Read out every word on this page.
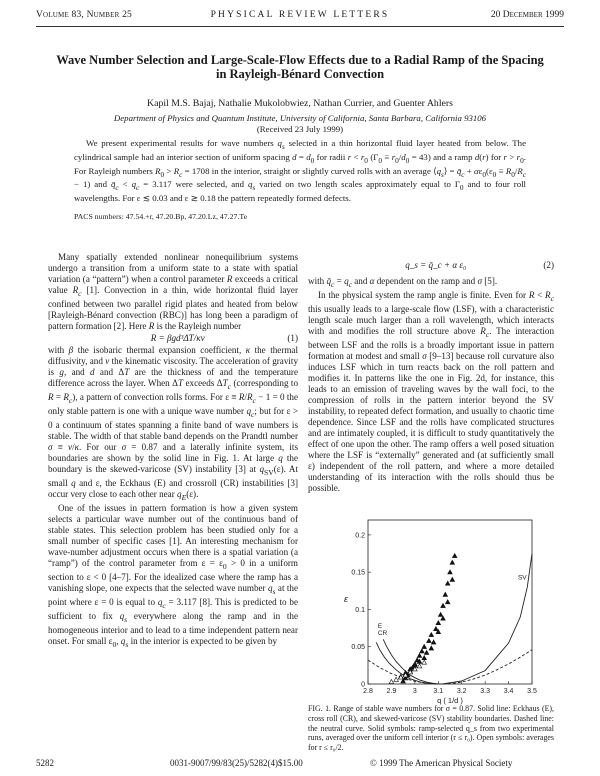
Volume 83, Number 25	PHYSICAL REVIEW LETTERS	20 December 1999
Wave Number Selection and Large-Scale-Flow Effects due to a Radial Ramp of the Spacing in Rayleigh-Bénard Convection
Kapil M.S. Bajaj, Nathalie Mukolobwiez, Nathan Currier, and Guenter Ahlers
Department of Physics and Quantum Institute, University of California, Santa Barbara, California 93106
(Received 23 July 1999)

We present experimental results for wave numbers $q_s$ selected in a thin horizontal fluid layer heated from below. The cylindrical sample had an interior section of uniform spacing $d = d_0$ for radii $r < r_0$ $(\Gamma_0 \equiv r_0/d_0 = 43)$ and a ramp d(r) for $r > r_0$. For Rayleigh numbers $R_0 > R_c = 1708$ in the interior, straight or slightly curved rolls with an average $⟨q_s⟩$ = $q̄_c + \alpha\varepsilon_0(\varepsilon_0 \equiv R_0/R_c - 1)$ and $q̄_c < q_c = 3.117$ were selected, and $q_s$ varied on two length scales approximately equal to $\Gamma_0$ and to four roll wavelengths. For ε ≲ 0.03 and ε ≳ 0.18 the pattern repeatedly formed defects.

PACS numbers: 47.54.+r, 47.20.Bp, 47.20.Lz, 47.27.Te

Many spatially extended nonlinear nonequilibrium systems undergo a transition from a uniform state to a state with spatial variation (a “pattern”) when a control parameter R exceeds a critical value $R_c$ [1]. Convection in a thin, wide horizontal fluid layer confined between two parallel rigid plates and heated from below [Rayleigh-Bénard convection (RBC)] has long been a paradigm of pattern formation [2]. Here R is the Rayleigh number

R = βgd³ΔT/κν	(1)

with β the isobaric thermal expansion coefficient, κ the thermal diffusivity, and ν the kinematic viscosity. The acceleration of gravity is g, and d and ΔT are the thickness of and the temperature difference across the layer. When ΔT exceeds $\Delta T_c$ (corresponding to $R = R_c$), a pattern of convection rolls forms. For $\varepsilon \equiv R/R_c - 1 = 0$ the only stable pattern is one with a unique wave number $q_c$; but for ε > 0 a continuum of states spanning a finite band of wave numbers is stable. The width of that stable band depends on the Prandtl number σ ≡ ν/κ. For our σ = 0.87 and a laterally infinite system, its boundaries are shown by the solid line in Fig. 1. At large q the boundary is the skewed-varicose (SV) instability [3] at $q_{SV}(\varepsilon)$. At small q and ε, the Eckhaus (E) and crossroll (CR) instabilities [3] occur very close to each other near $q_E(\varepsilon)$.

One of the issues in pattern formation is how a given system selects a particular wave number out of the continuous band of stable states. This selection problem has been studied only for a small number of specific cases [1]. An interesting mechanism for wave-number adjustment occurs when there is a spatial variation (a “ramp”) of the control parameter from $\varepsilon = \varepsilon_0 > 0$ in a uniform section to ε < 0 [4–7]. For the idealized case where the ramp has a vanishing slope, one expects that the selected wave number $q_s$ at the point where ε = 0 is equal to $q_c = 3.117$ [8]. This is predicted to be sufficient to fix $q_s$ everywhere along the ramp and in the homogeneous interior and to lead to a time independent pattern near onset. For small $\varepsilon_0$, $q_s$ in the interior is expected to be given by

q_s = q̄_c + α ε₀	(2)

with $q̄_c = q_c$ and α dependent on the ramp and σ [5].

In the physical system the ramp angle is finite. Even for $R < R_c$ this usually leads to a large-scale flow (LSF), with a characteristic length scale much larger than a roll wavelength, which interacts with and modifies the roll structure above $R_c$. The interaction between LSF and the rolls is a broadly important issue in pattern formation at modest and small σ [9–13] because roll curvature also induces LSF which in turn reacts back on the roll pattern and modifies it. In patterns like the one in Fig. 2d, for instance, this leads to an emission of traveling waves by the wall foci, to the compression of rolls in the pattern interior beyond the SV instability, to repeated defect formation, and usually to chaotic time dependence. Since LSF and the rolls have complicated structures and are intimately coupled, it is difficult to study quantitatively the effect of one upon the other. The ramp offers a well posed situation where the LSF is “externally” generated and (at sufficiently small ε) independent of the roll pattern, and where a more detailed understanding of its interaction with the rolls should thus be possible.

2.8 2.9 3 3.1 3.2 3.3 3.4 3.5
0
0.05
0.1
0.15
0.2
q ( 1/d )
ε
E
CR
SV
FIG. 1. Range of stable wave numbers for σ = 0.87. Solid line: Eckhaus (E), cross roll (CR), and skewed-varicose (SV) stability boundaries. Dashed line: the neutral curve. Solid symbols: ramp-selected q_s from two experimental runs, averaged over the uniform cell interior (r ≤ r₀). Open symbols: averages for r ≤ r₀/2.
5282	0031-9007/99/83(25)/5282(4)$15.00	© 1999 The American Physical Society
